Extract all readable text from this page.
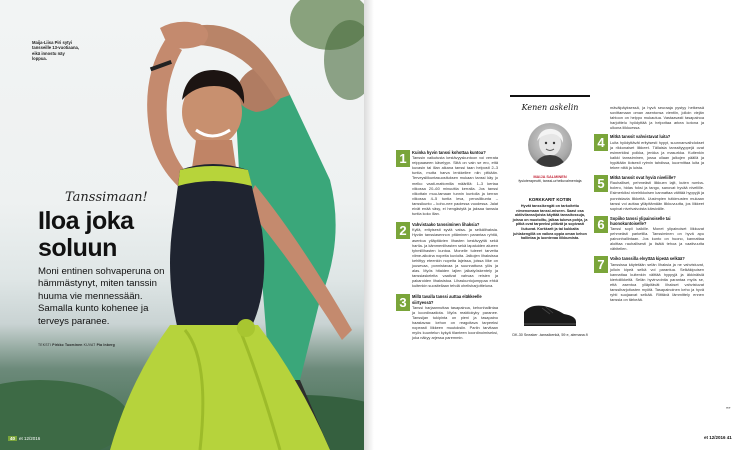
Maija-Liisa Piri sytyi tansseille 13-vuotiaana, eikä innostu näy loppua.
Tanssimaan!
Iloa joka
soluun
Moni entinen sohvaperuna on hämmästynyt, miten tanssin huuma vie mennessään. Samalla kunto kohenee ja terveys paranee.
TEKSTI Pirkko Tuominen KUVAT Pia Inberg
40 et 12/2016
1	Kuinka hyvin tanssi kohottaa kuntoa?

Tanssin vaikutusta kestävyyskuntoon voi verrata reippaaseen kävelyyn. Siitä on vain se ero, että kuvasin tai illan aikana tanssi taan helposti 2–3 tuntia, mutta harva lenkkeilee niin pitkään. Terveysliikuntasuosituksen mukaan tanssi käy jo melko vaati-mattomilla määrillä: 1–3 kertaa viikossa 20–60 minuuttia kerralla. Jos tanssi viikottain muu-tamaan tunnin kuntolla ja kerran viikossa 4–5 tuntia leva, perusliikunta – tanssikunto – koho-nee paolessa vuodessa. Jalat eivät enää väsy, ei hengästytä ja jaksaa tanssia tuntia koko illan.

2	Vahvistaako tanssiminen lihaksia?

Kyllä, erityisesti syviä vatsa- ja selkälihaksia. Hyvän tanssiasennon pitäminen parantaa ryhtiä, asentoa ylläpitävien lihasten kestävyyttä sekä hartia- ja kämmenlihasten sekä lapaluiden alueen tyhmillihasten kuntoa. Monelle tuleeet tarvetta viime-aikoina nopeita kuvioita. Jalkojen lihaksissa kehittyy eteenkin nopeita lajeissa, joissa liike on jousevaa, ponnistavaa ja suunnattuna ylös ja alas. Myös hitaiden lajien jalkatyöskentely ja tanssiaskeleita vaativat vahvaa reisien ja pakaroiden lihaksistoa. Lihaskuntojumppaa ehkä kuitenkin suositellaan tehdä ohelisharjoitteluna.

3	Millä tavalla tanssi auttaa eläkkeelle siirtyessä?

Tanssi harjaannuttaa tasapainoa, kehonhallintaa ja koordinaatiota. Myös reaktiokyky paranee. Tanssijan tukipinta on pieni ja tasapaino haastavaa: kehon on reagoitava tarpeeksi nopeasti liikkeen muutoksiin. Pariin tarvitaan myös kuuntelun kykyä tilanteen koordinoimiseksi, joka näkyy arjessa paremmin.

Kenen askelin
MAIJA SALMINEN
fysioterapeutti, tanssi-urheiluvalmentaja
KORKKARIT KOTIIN
Hyvät tanssikengät on tarkoitettu nimenomaan tanssi-miseen. Saavi osa aktiivilanssijoista käyttää tanssitossuja, joissa on muotoiltu, jalkaa tukeva pohja, ja pitkä ovat tarpeeksi pitävät ja sopivasti liukuvat. Korkkarit ja tai kukkaita juhlakengillä on vaikea oppia oman kehon hallintaa ja luontevaa liikkumista.
DK-30 Sneaker -tanssikenkä, 59 e, alemana.fi

mävälpäyksessä, ja hyvä seuraaja pystyy hetkessä sovittamaan oman asentonsa vientiin, jolloin viejän tahtoon on helppo mukautua. Vastaavasti tasapainoa harjoittelu hyödyttää ja helpottaa arkea kotona ja ulkona liikkuessa.

4	Mitkä tanssit vahvistavat luita?

Luita hyödyttävät erityisesti hypyt, suunnanvaihdokset ja rikkonaiset liikkeet. Tällaisia tanssityyppejä ovat esimerkiksi polkka, jenkka ja masurkka. Kuitenkin kaikki tanssiminen, jossa ollaan jalkojen päällä ja hypätään iloisesti rytmin tahdissa, kuormittaa luita ja tekee niitä ja luista.

5	Mitkä tanssit ovat hyviä niveliille?

Rauhalliset, pehmeästi liikkuen lajit, kuten rumba-bolero, hidas foksi ja tango, sanovat hyvää niveliille. Esimerkiksi nivelrikkoisen kannattaa välttää hyppyjä ja ponnistavia liikkeitä. Uusimpien tutkimusten mukaan tanssi voi auttaa ylläpitämään liikkuvuutta, jos liikkeet sopivat nivelvaivoista kärsivälle.

6	Sopiiko tanssi ylipainoiselle tai huonokuntoiselle?

Tanssi sopii kaikille. Monet ylipainoiset liikkuvat pehmeästi parketilla. Tanssiminen on hyvä apu painonhallintaan. Jos kunto on huono, kannattaa aloittaa rauhallisesti ja lisätä tehoa ja vaativuutta vähitellen.

7	Voiko tanssilla elvyttää kipeää selkää?

Tanssissa käytetään selän lihaksia ja ne vahvistuvat, jolloin kipeä selkä voi parantua. Selkäkipuisen kannattaa kuitenkin välttää hyppyjä ja äkkinäisiä kiertoliikkeitä. Selän hyvinvointia parantaa myös se, että asentoa ylläpitävät lihakset vahvistuvat tanssiharjoitusten myötä. Tasapainoinen keho ja hyvä ryhti suojaavat selkää. Riittävä lämmittely ennen tanssia on tärkeää.

»»
et 12/2016 41
